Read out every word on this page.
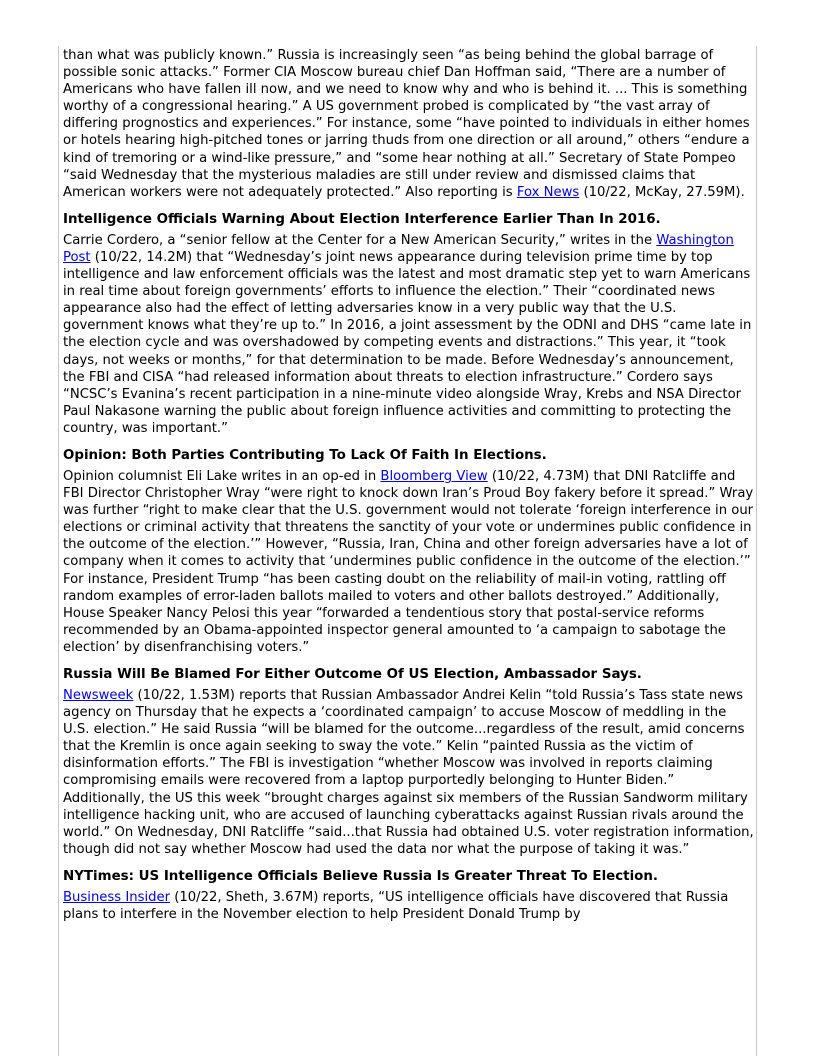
than what was publicly known.” Russia is increasingly seen “as being behind the global barrage of possible sonic attacks.” Former CIA Moscow bureau chief Dan Hoffman said, “There are a number of Americans who have fallen ill now, and we need to know why and who is behind it. ... This is something worthy of a congressional hearing.” A US government probed is complicated by “the vast array of differing prognostics and experiences.” For instance, some “have pointed to individuals in either homes or hotels hearing high-pitched tones or jarring thuds from one direction or all around,” others “endure a kind of tremoring or a wind-like pressure,” and “some hear nothing at all.” Secretary of State Pompeo “said Wednesday that the mysterious maladies are still under review and dismissed claims that American workers were not adequately protected.” Also reporting is Fox News (10/22, McKay, 27.59M).

Intelligence Officials Warning About Election Interference Earlier Than In 2016.

Carrie Cordero, a “senior fellow at the Center for a New American Security,” writes in the Washington Post (10/22, 14.2M) that “Wednesday’s joint news appearance during television prime time by top intelligence and law enforcement officials was the latest and most dramatic step yet to warn Americans in real time about foreign governments’ efforts to influence the election.” Their “coordinated news appearance also had the effect of letting adversaries know in a very public way that the U.S. government knows what they’re up to.” In 2016, a joint assessment by the ODNI and DHS “came late in the election cycle and was overshadowed by competing events and distractions.” This year, it “took days, not weeks or months,” for that determination to be made. Before Wednesday’s announcement, the FBI and CISA “had released information about threats to election infrastructure.” Cordero says “NCSC’s Evanina’s recent participation in a nine-minute video alongside Wray, Krebs and NSA Director Paul Nakasone warning the public about foreign influence activities and committing to protecting the country, was important.”

Opinion: Both Parties Contributing To Lack Of Faith In Elections.

Opinion columnist Eli Lake writes in an op-ed in Bloomberg View (10/22, 4.73M) that DNI Ratcliffe and FBI Director Christopher Wray “were right to knock down Iran’s Proud Boy fakery before it spread.” Wray was further “right to make clear that the U.S. government would not tolerate ‘foreign interference in our elections or criminal activity that threatens the sanctity of your vote or undermines public confidence in the outcome of the election.’” However, “Russia, Iran, China and other foreign adversaries have a lot of company when it comes to activity that ‘undermines public confidence in the outcome of the election.’” For instance, President Trump “has been casting doubt on the reliability of mail-in voting, rattling off random examples of error-laden ballots mailed to voters and other ballots destroyed.” Additionally, House Speaker Nancy Pelosi this year “forwarded a tendentious story that postal-service reforms recommended by an Obama-appointed inspector general amounted to ‘a campaign to sabotage the election’ by disenfranchising voters.”

Russia Will Be Blamed For Either Outcome Of US Election, Ambassador Says.

Newsweek (10/22, 1.53M) reports that Russian Ambassador Andrei Kelin “told Russia’s Tass state news agency on Thursday that he expects a ‘coordinated campaign’ to accuse Moscow of meddling in the U.S. election.” He said Russia “will be blamed for the outcome...regardless of the result, amid concerns that the Kremlin is once again seeking to sway the vote.” Kelin “painted Russia as the victim of disinformation efforts.” The FBI is investigation “whether Moscow was involved in reports claiming compromising emails were recovered from a laptop purportedly belonging to Hunter Biden.” Additionally, the US this week “brought charges against six members of the Russian Sandworm military intelligence hacking unit, who are accused of launching cyberattacks against Russian rivals around the world.” On Wednesday, DNI Ratcliffe “said...that Russia had obtained U.S. voter registration information, though did not say whether Moscow had used the data nor what the purpose of taking it was.”

NYTimes: US Intelligence Officials Believe Russia Is Greater Threat To Election.

Business Insider (10/22, Sheth, 3.67M) reports, “US intelligence officials have discovered that Russia plans to interfere in the November election to help President Donald Trump by
